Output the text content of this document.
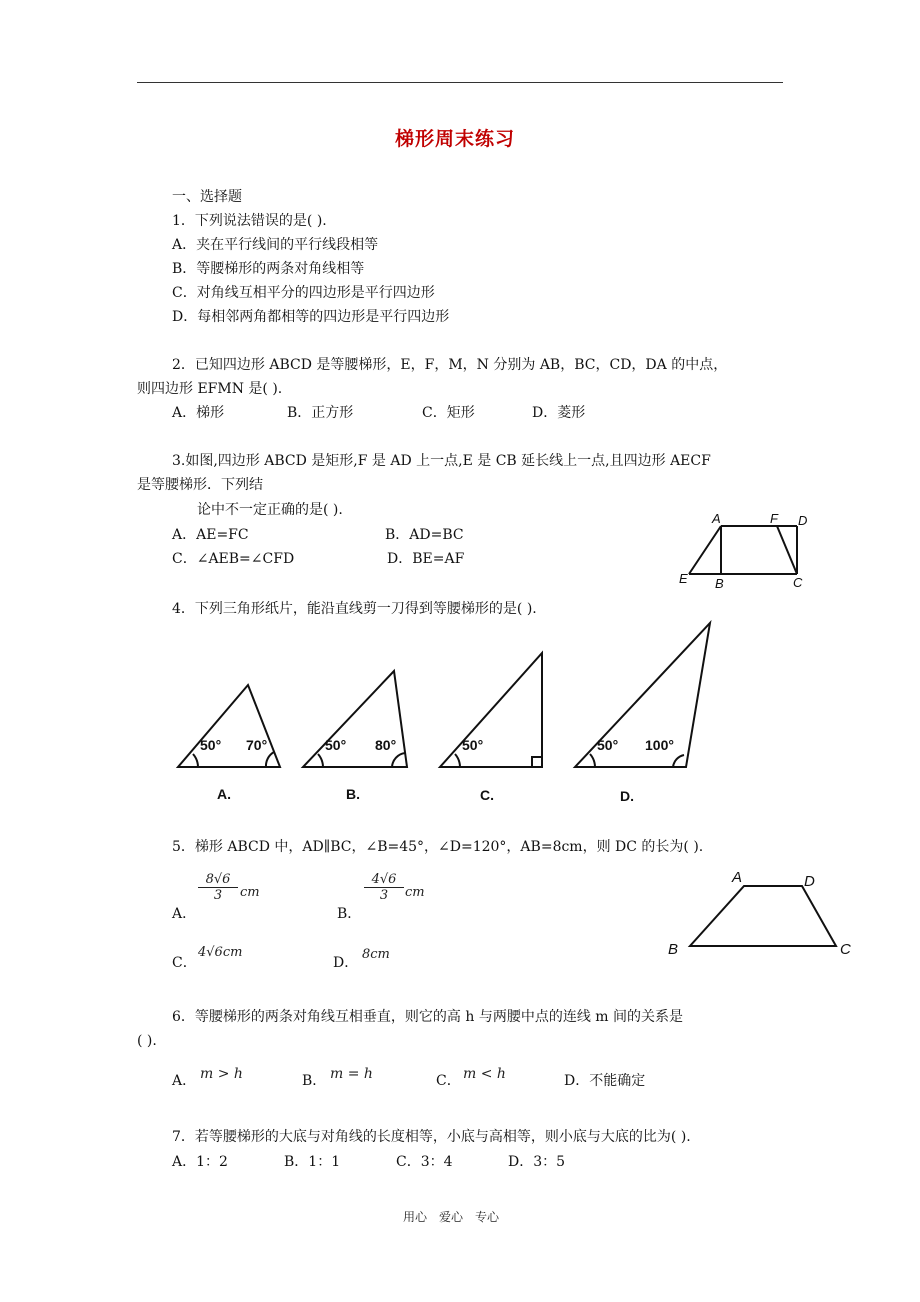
梯形周末练习
一、选择题
1．下列说法错误的是( ).
A．夹在平行线间的平行线段相等
B．等腰梯形的两条对角线相等
C．对角线互相平分的四边形是平行四边形
D．每相邻两角都相等的四边形是平行四边形
2．已知四边形 ABCD 是等腰梯形，E，F，M，N 分别为 AB，BC，CD，DA 的中点，
则四边形 EFMN 是( ).
A．梯形	B．正方形	C．矩形	D．菱形
3.如图,四边形 ABCD 是矩形,F 是 AD 上一点,E 是 CB 延长线上一点,且四边形 AECF
是等腰梯形．下列结
论中不一定正确的是( ).
A．AE=FC	B．AD=BC
C．∠AEB=∠CFD	D．BE=AF
A	F D
E B	C
4．下列三角形纸片，能沿直线剪一刀得到等腰梯形的是( ).
50° 70°	50° 80°	50°	50° 100°
A.	B.	C.	D.
5．梯形 ABCD 中，AD∥BC，∠B=45°，∠D=120°，AB=8cm，则 DC 的长为( ).
A．
$\frac{8√6}{3}$ cm
B．
$\frac{4√6}{3}$ cm
C．
4√6cm
D．
8cm
A	D
B	C
6．等腰梯形的两条对角线互相垂直，则它的高 h 与两腰中点的连线 m 间的关系是
( ).
A． m > h	B． m = h	C． m < h	D．不能确定
7．若等腰梯形的大底与对角线的长度相等，小底与高相等，则小底与大底的比为( ).
A．1：2	B．1：1	C．3：4	D．3：5
用心　爱心　专心
